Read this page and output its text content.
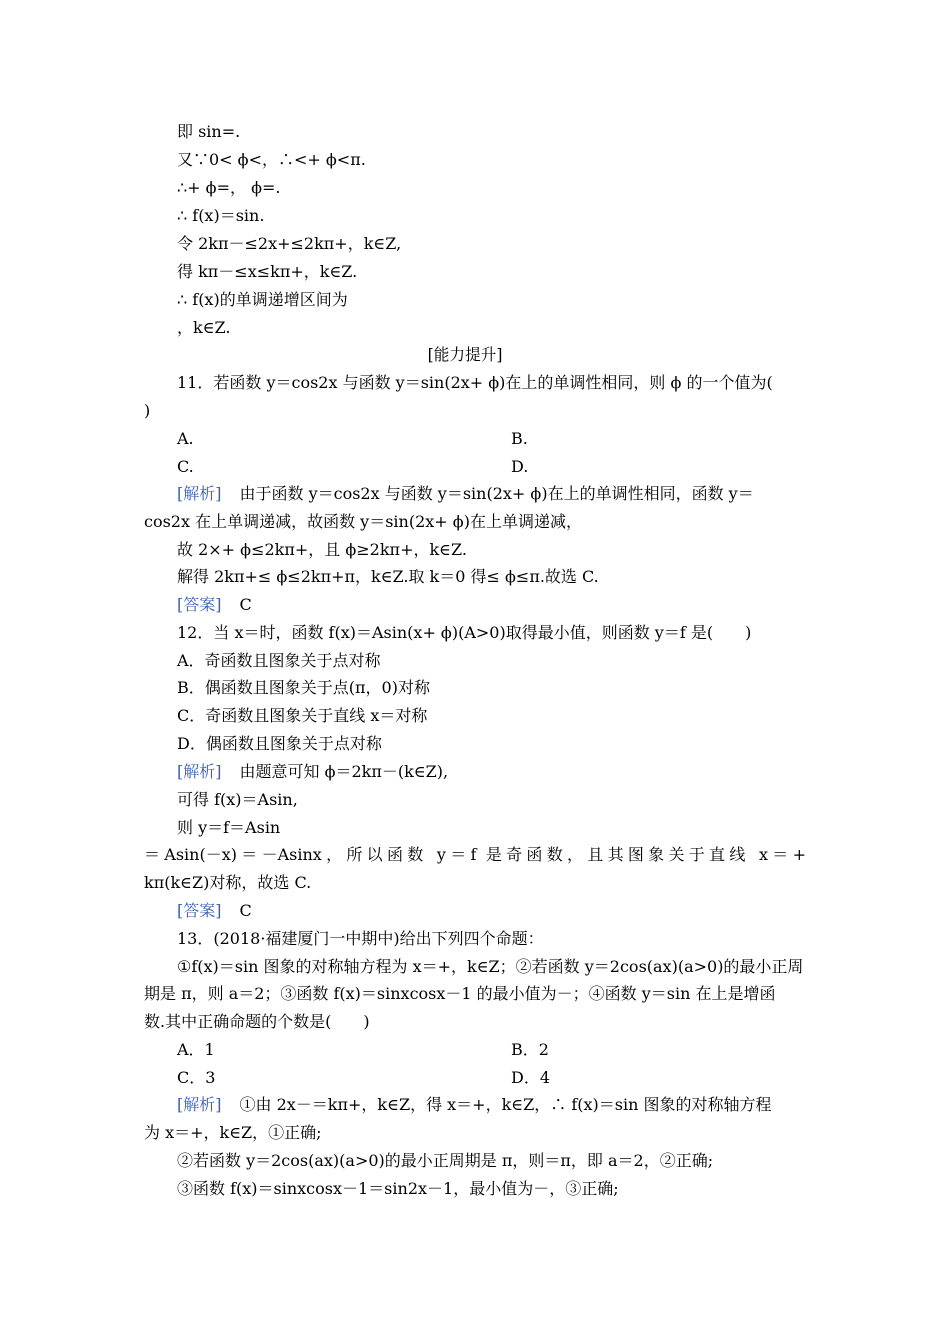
即 sin=.
又∵0< ϕ<，∴<+ ϕ<π.
∴+ ϕ=， ϕ=.
∴ f(x)＝sin.
令 2kπ－≤2x+≤2kπ+，k∈Z,
得 kπ－≤x≤kπ+，k∈Z.
∴ f(x)的单调递增区间为
，k∈Z.
[能力提升]
11．若函数 y＝cos2x 与函数 y＝sin(2x+ ϕ)在上的单调性相同，则 ϕ 的一个值为(
)
A.	B.
C.	D.
[解析] 由于函数 y＝cos2x 与函数 y＝sin(2x+ ϕ)在上的单调性相同，函数 y＝
cos2x 在上单调递减，故函数 y＝sin(2x+ ϕ)在上单调递减，
故 2×+ ϕ≤2kπ+，且 ϕ≥2kπ+，k∈Z.
解得 2kπ+≤ ϕ≤2kπ+π，k∈Z.取 k＝0 得≤ ϕ≤π.故选 C.
[答案] C
12．当 x＝时，函数 f(x)＝Asin(x+ ϕ)(A>0)取得最小值，则函数 y＝f 是(　　)
A．奇函数且图象关于点对称
B．偶函数且图象关于点(π，0)对称
C．奇函数且图象关于直线 x＝对称
D．偶函数且图象关于点对称
[解析] 由题意可知 ϕ＝2kπ－(k∈Z),
可得 f(x)＝Asin,
则 y＝f＝Asin
＝Asin(－x)＝－Asinx，所以函数 y＝f 是奇函数，且其图象关于直线 x＝+
kπ(k∈Z)对称，故选 C.
[答案] C
13．(2018·福建厦门一中期中)给出下列四个命题：
①f(x)＝sin 图象的对称轴方程为 x＝+，k∈Z；②若函数 y＝2cos(ax)(a>0)的最小正周
期是 π，则 a＝2；③函数 f(x)＝sinxcosx－1 的最小值为－；④函数 y＝sin 在上是增函
数.其中正确命题的个数是(　　)
A．1	B．2
C．3	D．4
[解析] ①由 2x－＝kπ+，k∈Z，得 x＝+，k∈Z，∴ f(x)＝sin 图象的对称轴方程
为 x＝+，k∈Z，①正确;
②若函数 y＝2cos(ax)(a>0)的最小正周期是 π，则＝π，即 a＝2，②正确;
③函数 f(x)＝sinxcosx－1＝sin2x－1，最小值为－，③正确;
